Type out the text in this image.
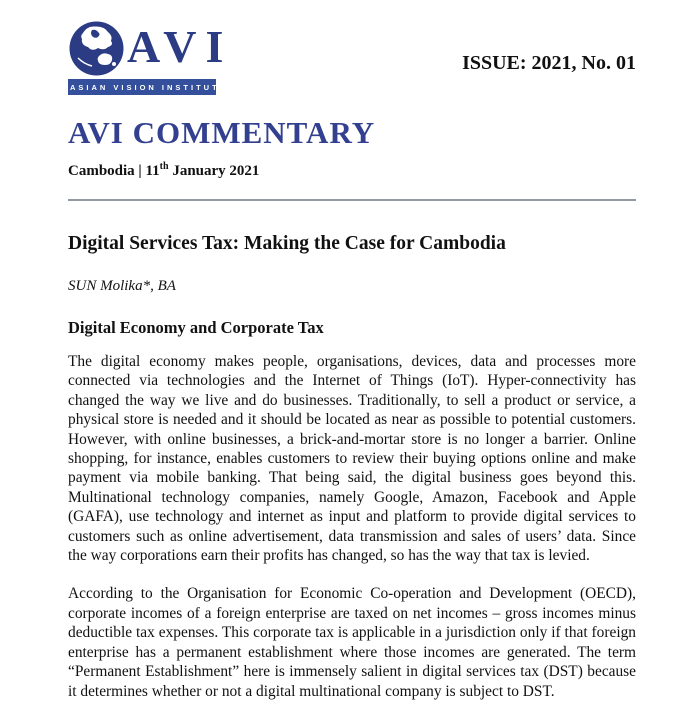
AVI
ASIAN VISION INSTITUTE
ISSUE: 2021, No. 01
AVI COMMENTARY
Cambodia | 11th January 2021
Digital Services Tax: Making the Case for Cambodia

SUN Molika*, BA

Digital Economy and Corporate Tax

The digital economy makes people, organisations, devices, data and processes more connected via technologies and the Internet of Things (IoT). Hyper-connectivity has changed the way we live and do businesses. Traditionally, to sell a product or service, a physical store is needed and it should be located as near as possible to potential customers. However, with online businesses, a brick-and-mortar store is no longer a barrier. Online shopping, for instance, enables customers to review their buying options online and make payment via mobile banking. That being said, the digital business goes beyond this. Multinational technology companies, namely Google, Amazon, Facebook and Apple (GAFA), use technology and internet as input and platform to provide digital services to customers such as online advertisement, data transmission and sales of users’ data. Since the way corporations earn their profits has changed, so has the way that tax is levied.

According to the Organisation for Economic Co-operation and Development (OECD), corporate incomes of a foreign enterprise are taxed on net incomes – gross incomes minus deductible tax expenses. This corporate tax is applicable in a jurisdiction only if that foreign enterprise has a permanent establishment where those incomes are generated. The term “Permanent Establishment” here is immensely salient in digital services tax (DST) because it determines whether or not a digital multinational company is subject to DST.
